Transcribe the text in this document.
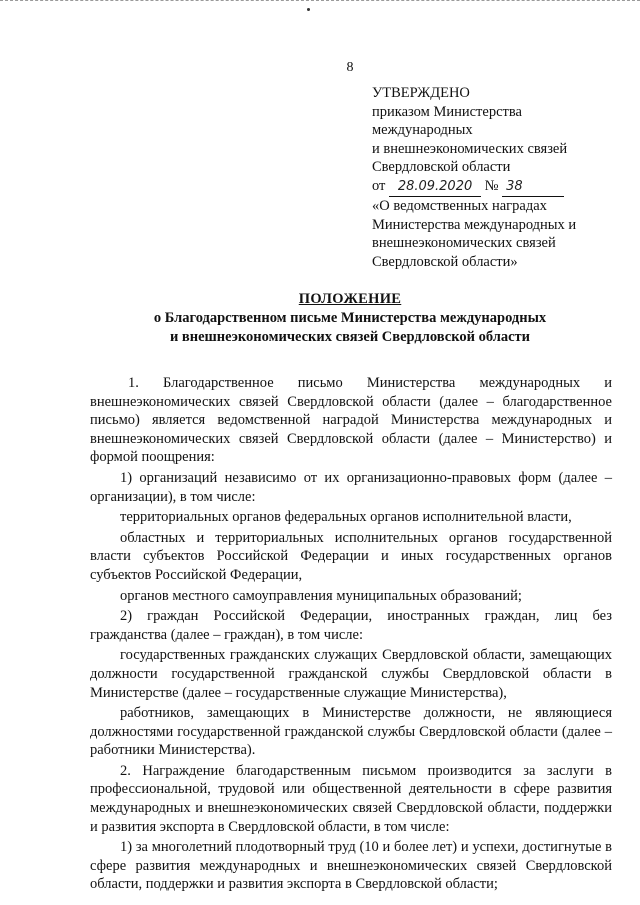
8
УТВЕРЖДЕНО
приказом Министерства
международных
и внешнеэкономических связей
Свердловской области
от 28.09.2020 № 38
«О ведомственных наградах
Министерства международных и
внешнеэкономических связей
Свердловской области»
ПОЛОЖЕНИЕ
о Благодарственном письме Министерства международных
и внешнеэкономических связей Свердловской области

1. Благодарственное письмо Министерства международных и внешнеэкономических связей Свердловской области (далее – благодарственное письмо) является ведомственной наградой Министерства международных и внешнеэкономических связей Свердловской области (далее – Министерство) и формой поощрения:

1) организаций независимо от их организационно-правовых форм (далее – организации), в том числе:

территориальных органов федеральных органов исполнительной власти,

областных и территориальных исполнительных органов государственной власти субъектов Российской Федерации и иных государственных органов субъектов Российской Федерации,

органов местного самоуправления муниципальных образований;

2) граждан Российской Федерации, иностранных граждан, лиц без гражданства (далее – граждан), в том числе:

государственных гражданских служащих Свердловской области, замещающих должности государственной гражданской службы Свердловской области в Министерстве (далее – государственные служащие Министерства),

работников, замещающих в Министерстве должности, не являющиеся должностями государственной гражданской службы Свердловской области (далее – работники Министерства).

2. Награждение благодарственным письмом производится за заслуги в профессиональной, трудовой или общественной деятельности в сфере развития международных и внешнеэкономических связей Свердловской области, поддержки и развития экспорта в Свердловской области, в том числе:

1) за многолетний плодотворный труд (10 и более лет) и успехи, достигнутые в сфере развития международных и внешнеэкономических связей Свердловской области, поддержки и развития экспорта в Свердловской области;
